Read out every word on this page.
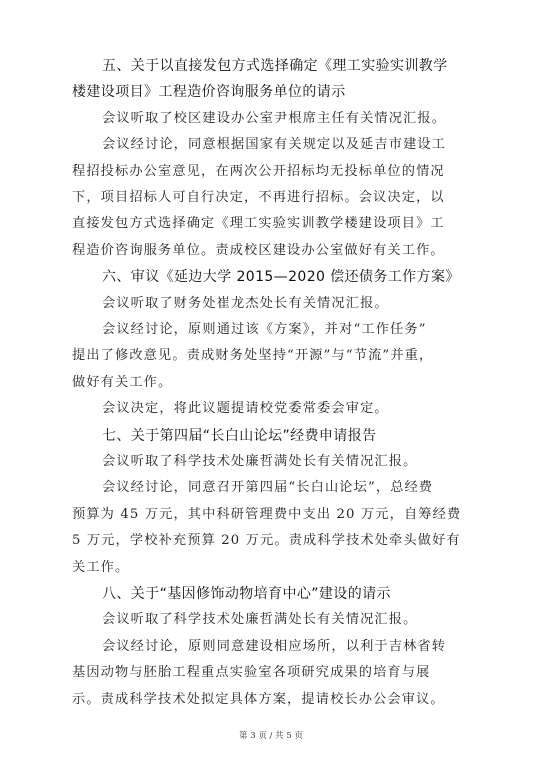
五、关于以直接发包方式选择确定《理工实验实训教学
楼建设项目》工程造价咨询服务单位的请示
会议听取了校区建设办公室尹根席主任有关情况汇报。
会议经讨论，同意根据国家有关规定以及延吉市建设工
程招投标办公室意见，在两次公开招标均无投标单位的情况
下，项目招标人可自行决定，不再进行招标。会议决定，以
直接发包方式选择确定《理工实验实训教学楼建设项目》工
程造价咨询服务单位。责成校区建设办公室做好有关工作。
六、审议《延边大学 2015—2020 偿还债务工作方案》
会议听取了财务处崔龙杰处长有关情况汇报。
会议经讨论，原则通过该《方案》，并对“工作任务”
提出了修改意见。责成财务处坚持“开源”与“节流”并重，
做好有关工作。
会议决定，将此议题提请校党委常委会审定。
七、关于第四届“长白山论坛”经费申请报告
会议听取了科学技术处廉哲满处长有关情况汇报。
会议经讨论，同意召开第四届“长白山论坛”，总经费
预算为 45 万元，其中科研管理费中支出 20 万元，自筹经费
5 万元，学校补充预算 20 万元。责成科学技术处牵头做好有
关工作。
八、关于“基因修饰动物培育中心”建设的请示
会议听取了科学技术处廉哲满处长有关情况汇报。
会议经讨论，原则同意建设相应场所，以利于吉林省转
基因动物与胚胎工程重点实验室各项研究成果的培育与展
示。责成科学技术处拟定具体方案，提请校长办公会审议。
第 3 页 / 共 5 页
